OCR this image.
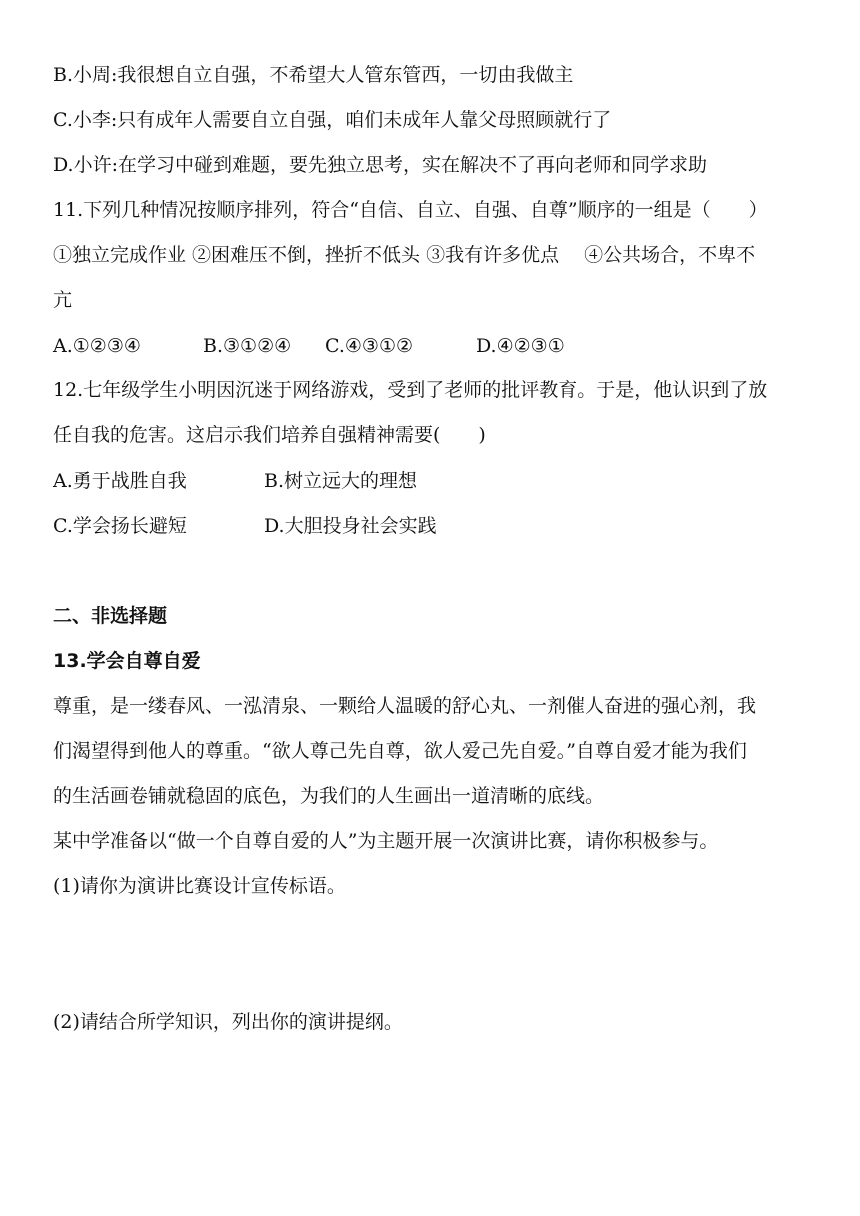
B.小周:我很想自立自强，不希望大人管东管西，一切由我做主
C.小李:只有成年人需要自立自强，咱们未成年人靠父母照顾就行了
D.小许:在学习中碰到难题，要先独立思考，实在解决不了再向老师和同学求助
11.下列几种情况按顺序排列，符合“自信、自立、自强、自尊”顺序的一组是（　　）
①独立完成作业 ②困难压不倒，挫折不低头 ③我有许多优点　 ④公共场合，不卑不
亢
A.①②③④	B.③①②④ C.④③①②	D.④②③①
12.七年级学生小明因沉迷于网络游戏，受到了老师的批评教育。于是，他认识到了放
任自我的危害。这启示我们培养自强精神需要(　　)
A.勇于战胜自我	B.树立远大的理想
C.学会扬长避短	D.大胆投身社会实践
二、非选择题
13.学会自尊自爱
尊重，是一缕春风、一泓清泉、一颗给人温暖的舒心丸、一剂催人奋进的强心剂，我
们渴望得到他人的尊重。“欲人尊己先自尊，欲人爱己先自爱。”自尊自爱才能为我们
的生活画卷铺就稳固的底色，为我们的人生画出一道清晰的底线。
某中学准备以“做一个自尊自爱的人”为主题开展一次演讲比赛，请你积极参与。
(1)请你为演讲比赛设计宣传标语。
(2)请结合所学知识，列出你的演讲提纲。
